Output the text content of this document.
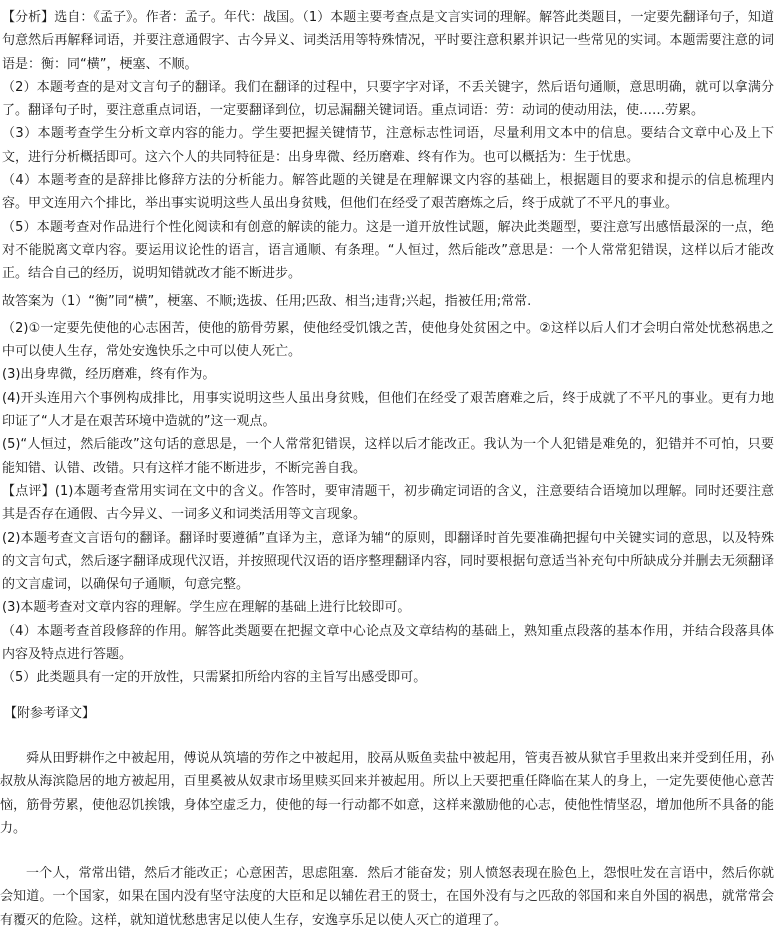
【分析】选自：《孟子》。作者：孟子。年代：战国。（1）本题主要考查点是文言实词的理解。解答此类题目，一定要先翻译句子，知道句意然后再解释词语，并要注意通假字、古今异义、词类活用等特殊情况，平时要注意积累并识记一些常见的实词。本题需要注意的词语是：衡：同“横”，梗塞、不顺。
（2）本题考查的是对文言句子的翻译。我们在翻译的过程中，只要字字对译，不丢关键字，然后语句通顺，意思明确，就可以拿满分了。翻译句子时，要注意重点词语，一定要翻译到位，切忌漏翻关键词语。重点词语：劳：动词的使动用法，使……劳累。
（3）本题考查学生分析文章内容的能力。学生要把握关键情节，注意标志性词语，尽量利用文本中的信息。要结合文章中心及上下文，进行分析概括即可。这六个人的共同特征是：出身卑微、经历磨难、终有作为。也可以概括为：生于忧患。
（4）本题考查的是辞排比修辞方法的分析能力。解答此题的关键是在理解课文内容的基础上，根据题目的要求和提示的信息梳理内容。甲文连用六个排比，举出事实说明这些人虽出身贫贱，但他们在经受了艰苦磨炼之后，终于成就了不平凡的事业。
（5）本题考查对作品进行个性化阅读和有创意的解读的能力。这是一道开放性试题，解决此类题型，要注意写出感悟最深的一点，绝对不能脱离文章内容。要运用议论性的语言，语言通顺、有条理。“人恒过，然后能改”意思是：一个人常常犯错误，这样以后才能改正。结合自己的经历，说明知错就改才能不断进步。
故答案为（1）“衡”同“横”，梗塞、不顺;选拔、任用;匹敌、相当;违背;兴起，指被任用;常常.
（2)①一定要先使他的心志困苦，使他的筋骨劳累，使他经受饥饿之苦，使他身处贫困之中。②这样以后人们才会明白常处忧愁祸患之中可以使人生存，常处安逸快乐之中可以使人死亡。
(3)出身卑微，经历磨难，终有作为。
(4)开头连用六个事例构成排比，用事实说明这些人虽出身贫贱，但他们在经受了艰苦磨难之后，终于成就了不平凡的事业。更有力地印证了“人才是在艰苦环境中造就的”这一观点。
(5)“人恒过，然后能改”这句话的意思是，一个人常常犯错误，这样以后才能改正。我认为一个人犯错是难免的，犯错并不可怕，只要能知错、认错、改错。只有这样才能不断进步，不断完善自我。
【点评】(1)本题考查常用实词在文中的含义。作答时，要审清题干，初步确定词语的含义，注意要结合语境加以理解。同时还要注意其是否存在通假、古今异义、一词多义和词类活用等文言现象。
(2)本题考查文言语句的翻译。翻译时要遵循”直译为主，意译为辅“的原则，即翻译时首先要准确把握句中关键实词的意思，以及特殊的文言句式，然后逐字翻译成现代汉语，并按照现代汉语的语序整理翻译内容，同时要根据句意适当补充句中所缺成分并删去无须翻译的文言虚词，以确保句子通顺，句意完整。
(3)本题考查对文章内容的理解。学生应在理解的基础上进行比较即可。
（4）本题考查首段修辞的作用。解答此类题要在把握文章中心论点及文章结构的基础上，熟知重点段落的基本作用，并结合段落具体内容及特点进行答题。
（5）此类题具有一定的开放性，只需紧扣所给内容的主旨写出感受即可。
【附参考译文】
舜从田野耕作之中被起用，傅说从筑墙的劳作之中被起用，胶鬲从贩鱼卖盐中被起用，管夷吾被从狱官手里救出来并受到任用，孙叔敖从海滨隐居的地方被起用，百里奚被从奴隶市场里赎买回来并被起用。所以上天要把重任降临在某人的身上，一定先要使他心意苦恼，筋骨劳累，使他忍饥挨饿，身体空虚乏力，使他的每一行动都不如意，这样来激励他的心志，使他性情坚忍，增加他所不具备的能力。
一个人，常常出错，然后才能改正；心意困苦，思虑阻塞．然后才能奋发；别人愤怒表现在脸色上，怨恨吐发在言语中，然后你就会知道。一个国家，如果在国内没有坚守法度的大臣和足以辅佐君王的贤士，在国外没有与之匹敌的邻国和来自外国的祸患，就常常会有覆灭的危险。这样，就知道忧愁患害足以使人生存，安逸享乐足以使人灭亡的道理了。
